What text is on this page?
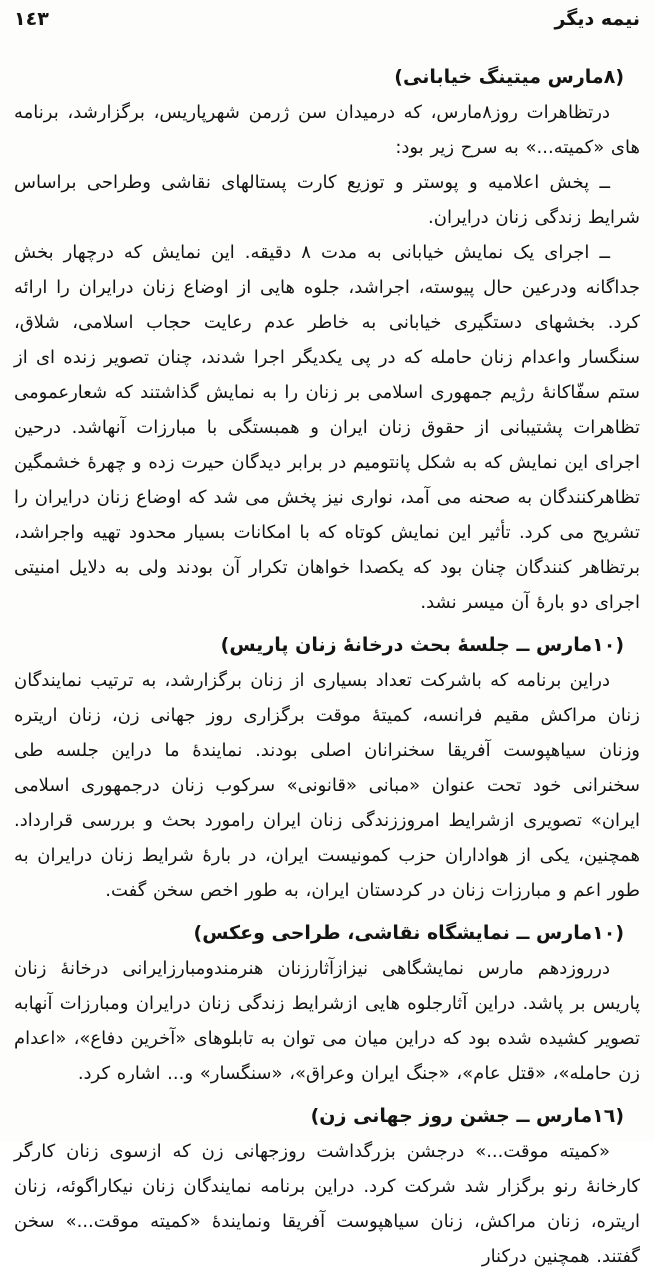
نیمه دیگر
١٤٣
(٨مارس میتینگ خیابانی)

درتظاهرات روز٨مارس، که درمیدان سن ژرمن شهرپاریس، برگزارشد، برنامه های «کمیته...» به سرح زیر بود:

ــ پخش اعلامیه و پوستر و توزیع کارت پستالهای نقاشی وطراحی براساس شرایط زندگی زنان درایران.

ــ اجرای یک نمایش خیابانی به مدت ٨ دقیقه. این نمایش که درچهار بخش جداگانه ودرعین حال پیوسته، اجراشد، جلوه هایی از اوضاع زنان درایران را ارائه کرد. بخشهای دستگیری خیابانی به خاطر عدم رعایت حجاب اسلامی، شلاق، سنگسار واعدام زنان حامله که در پی یکدیگر اجرا شدند، چنان تصویر زنده ای از ستم سفّاکانۀ رژیم جمهوری اسلامی بر زنان را به نمایش گذاشتند که شعارعمومی تظاهرات پشتیبانی از حقوق زنان ایران و همبستگی با مبارزات آنهاشد. درحین اجرای این نمایش که به شکل پانتومیم در برابر دیدگان حیرت زده و چهرۀ خشمگین تظاهرکنندگان به صحنه می آمد، نواری نیز پخش می شد که اوضاع زنان درایران را تشریح می کرد. تأثیر این نمایش کوتاه که با امکانات بسیار محدود تهیه واجراشد، برتظاهر کنندگان چنان بود که یکصدا خواهان تکرار آن بودند ولی به دلایل امنیتی اجرای دو بارۀ آن میسر نشد.

(١٠مارس ــ جلسۀ بحث درخانۀ زنان پاریس)

دراین برنامه که باشرکت تعداد بسیاری از زنان برگزارشد، به ترتیب نمایندگان زنان مراکش مقیم فرانسه، کمیتۀ موقت برگزاری روز جهانی زن، زنان اریتره وزنان سیاهپوست آفریقا سخنرانان اصلی بودند. نمایندۀ ما دراین جلسه طی سخنرانی خود تحت عنوان «مبانی «قانونی» سرکوب زنان درجمهوری اسلامی ایران» تصویری ازشرایط امروززندگی زنان ایران رامورد بحث و بررسی قرارداد. همچنین، یکی از هواداران حزب کمونیست ایران، در بارۀ شرایط زنان درایران به طور اعم و مبارزات زنان در کردستان ایران، به طور اخص سخن گفت.

(١٠مارس ــ نمایشگاه نقاشی، طراحی وعکس)

درروزدهم مارس نمایشگاهی نیزازآثارزنان هنرمندومبارزایرانی درخانۀ زنان پاریس بر پاشد. دراین آثارجلوه هایی ازشرایط زندگی زنان درایران ومبارزات آنهابه تصویر کشیده شده بود که دراین میان می توان به تابلوهای «آخرین دفاع»، «اعدام زن حامله»، «قتل عام»، «جنگ ایران وعراق»، «سنگسار» و... اشاره کرد.

(١٦مارس ــ جشن روز جهانی زن)

«کمیته موقت...» درجشن بزرگداشت روزجهانی زن که ازسوی زنان کارگر کارخانۀ رنو برگزار شد شرکت کرد. دراین برنامه نمایندگان زنان نیکاراگوئه، زنان اریتره، زنان مراکش، زنان سیاهپوست آفریقا ونمایندۀ «کمیته موقت...» سخن گفتند. همچنین درکنار
